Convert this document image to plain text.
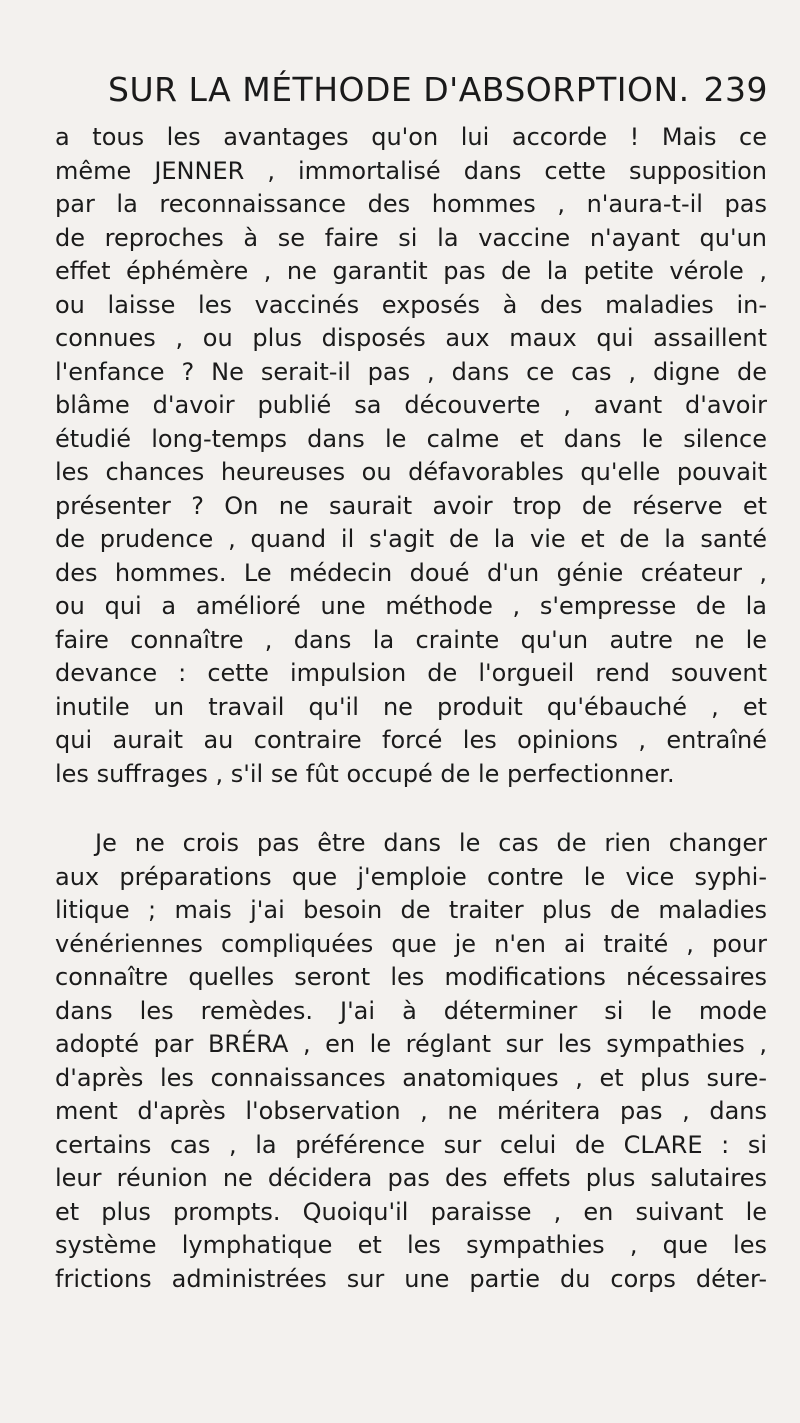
SUR LA MÉTHODE D'ABSORPTION. 239
a tous les avantages qu'on lui accorde ! Mais ce
même JENNER , immortalisé dans cette supposition
par la reconnaissance des hommes , n'aura-t-il pas
de reproches à se faire si la vaccine n'ayant qu'un
effet éphémère , ne garantit pas de la petite vérole ,
ou laisse les vaccinés exposés à des maladies in-
connues , ou plus disposés aux maux qui assaillent
l'enfance ? Ne serait-il pas , dans ce cas , digne de
blâme d'avoir publié sa découverte , avant d'avoir
étudié long-temps dans le calme et dans le silence
les chances heureuses ou défavorables qu'elle pouvait
présenter ? On ne saurait avoir trop de réserve et
de prudence , quand il s'agit de la vie et de la santé
des hommes. Le médecin doué d'un génie créateur ,
ou qui a amélioré une méthode , s'empresse de la
faire connaître , dans la crainte qu'un autre ne le
devance : cette impulsion de l'orgueil rend souvent
inutile un travail qu'il ne produit qu'ébauché , et
qui aurait au contraire forcé les opinions , entraîné
les suffrages , s'il se fût occupé de le perfectionner.
Je ne crois pas être dans le cas de rien changer
aux préparations que j'emploie contre le vice syphi-
litique ; mais j'ai besoin de traiter plus de maladies
vénériennes compliquées que je n'en ai traité , pour
connaître quelles seront les modifications nécessaires
dans les remèdes. J'ai à déterminer si le mode
adopté par BRÉRA , en le réglant sur les sympathies ,
d'après les connaissances anatomiques , et plus sure-
ment d'après l'observation , ne méritera pas , dans
certains cas , la préférence sur celui de CLARE : si
leur réunion ne décidera pas des effets plus salutaires
et plus prompts. Quoiqu'il paraisse , en suivant le
système lymphatique et les sympathies , que les
frictions administrées sur une partie du corps déter-
